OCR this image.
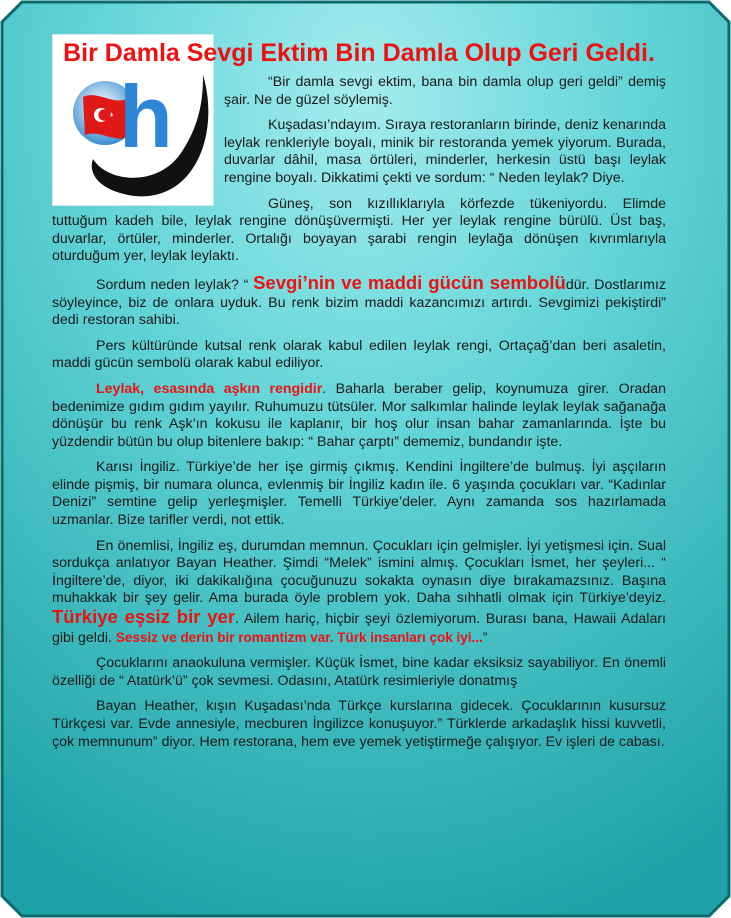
Bir Damla Sevgi Ektim Bin Damla Olup Geri Geldi.
h	“Bir damla sevgi ektim, bana bin damla olup geri geldi” demiş şair. Ne de güzel söylemiş.

Kuşadası’ndayım. Sıraya restoranların birinde, deniz kenarında leylak renkleriyle boyalı, minik bir restoranda yemek yiyorum. Burada, duvarlar dâhil, masa örtüleri, minderler, herkesin üstü başı leylak rengine boyalı. Dikkatimi çekti ve sordum: “ Neden leylak? Diye.

Güneş, son kızıllıklarıyla körfezde tükeniyordu. Elimde tuttuğum kadeh bile, leylak rengine dönüşüvermişti. Her yer leylak rengine bürülü. Üst baş, duvarlar, örtüler, minderler. Ortalığı boyayan şarabi rengin leylağa dönüşen kıvrımlarıyla oturduğum yer, leylak leylaktı.

Sordum neden leylak? “ Sevgi’nin ve maddi gücün sembolüdür. Dostlarımız söyleyince, biz de onlara uyduk. Bu renk bizim maddi kazancımızı artırdı. Sevgimizi pekiştirdi” dedi restoran sahibi.

Pers kültüründe kutsal renk olarak kabul edilen leylak rengi, Ortaçağ’dan beri asaletin, maddi gücün sembolü olarak kabul ediliyor.

Leylak, esasında aşkın rengidir. Baharla beraber gelip, koynumuza girer. Oradan bedenimize gıdım gıdım yayılır. Ruhumuzu tütsüler. Mor salkımlar halinde leylak leylak sağanağa dönüşür bu renk Aşk’ın kokusu ile kaplanır, bir hoş olur insan bahar zamanlarında. İşte bu yüzdendir bütün bu olup bitenlere bakıp: “ Bahar çarptı” dememiz, bundandır işte.

Karısı İngiliz. Türkiye’de her işe girmiş çıkmış. Kendini İngiltere’de bulmuş. İyi aşçıların elinde pişmiş, bir numara olunca, evlenmiş bir İngiliz kadın ile. 6 yaşında çocukları var. “Kadınlar Denizi” semtine gelip yerleşmişler. Temelli Türkiye’deler. Aynı zamanda sos hazırlamada uzmanlar. Bize tarifler verdi, not ettik.

En önemlisi, İngiliz eş, durumdan memnun. Çocukları için gelmişler. İyi yetişmesi için. Sual sordukça anlatıyor Bayan Heather. Şimdi “Melek” ismini almış. Çocukları İsmet, her şeyleri... “ İngiltere’de, diyor, iki dakikalığına çocuğunuzu sokakta oynasın diye bırakamazsınız. Başına muhakkak bir şey gelir. Ama burada öyle problem yok. Daha sıhhatli olmak için Türkiye’deyiz. Türkiye eşsiz bir yer. Ailem hariç, hiçbir şeyi özlemiyorum. Burası bana, Hawaii Adaları gibi geldi. Sessiz ve derin bir romantizm var. Türk insanları çok iyi...”

Çocuklarını anaokuluna vermişler. Küçük İsmet, bine kadar eksiksiz sayabiliyor. En önemli özelliği de “ Atatürk’ü” çok sevmesi. Odasını, Atatürk resimleriyle donatmış

Bayan Heather, kışın Kuşadası’nda Türkçe kurslarına gidecek. Çocuklarının kusursuz Türkçesi var. Evde annesiyle, mecburen İngilizce konuşuyor.” Türklerde arkadaşlık hissi kuvvetli, çok memnunum” diyor. Hem restorana, hem eve yemek yetiştirmeğe çalışıyor. Ev işleri de cabası.
